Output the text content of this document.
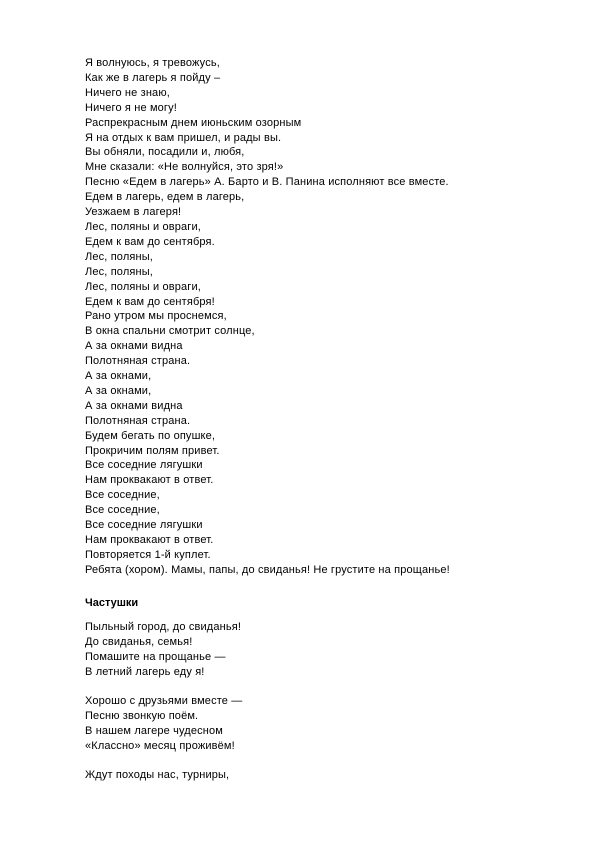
Я волнуюсь, я тревожусь,
Как же в лагерь я пойду –
Ничего не знаю,
Ничего я не могу!
Распрекрасным днем июньским озорным
Я на отдых к вам пришел, и рады вы.
Вы обняли, посадили и, любя,
Мне сказали: «Не волнуйся, это зря!»
Песню «Едем в лагерь» А. Барто и В. Панина исполняют все вместе.
Едем в лагерь, едем в лагерь,
Уезжаем в лагеря!
Лес, поляны и овраги,
Едем к вам до сентября.
Лес, поляны,
Лес, поляны,
Лес, поляны и овраги,
Едем к вам до сентября!
Рано утром мы проснемся,
В окна спальни смотрит солнце,
А за окнами видна
Полотняная страна.
А за окнами,
А за окнами,
А за окнами видна
Полотняная страна.
Будем бегать по опушке,
Прокричим полям привет.
Все соседние лягушки
Нам проквакают в ответ.
Все соседние,
Все соседние,
Все соседние лягушки
Нам проквакают в ответ.
Повторяется 1-й куплет.
Ребята (хором). Мамы, папы, до свиданья! Не грустите на прощанье!
Частушки
Пыльный город, до свиданья!
До свиданья, семья!
Помашите на прощанье —
В летний лагерь еду я!
Хорошо с друзьями вместе —
Песню звонкую поём.
В нашем лагере чудесном
«Классно» месяц проживём!
Ждут походы нас, турниры,
